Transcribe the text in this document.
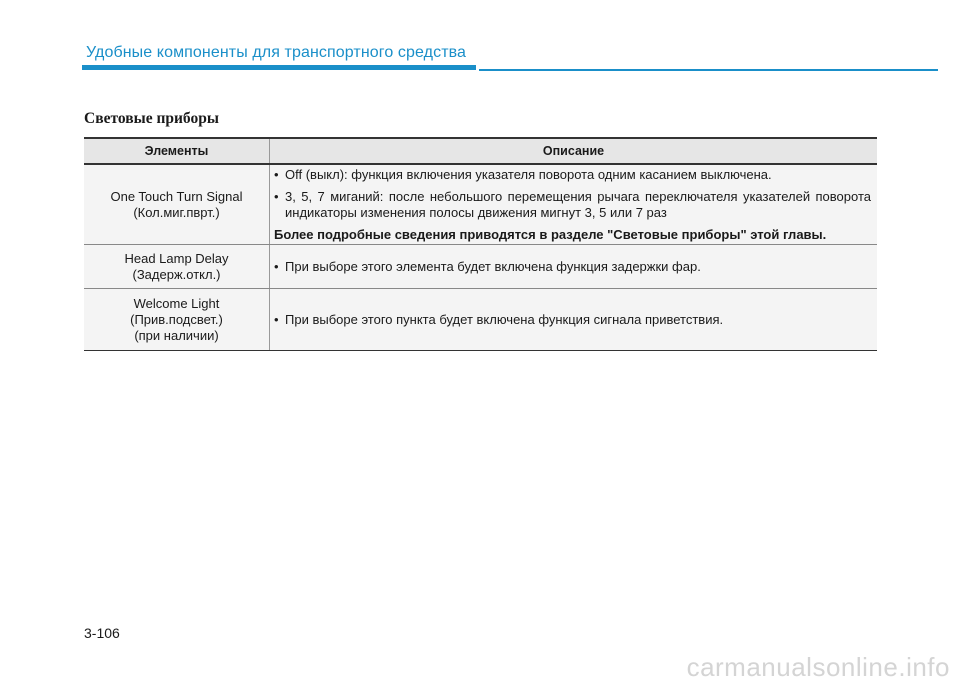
Удобные компоненты для транспортного средства
Световые приборы
Элементы	Описание
One Touch Turn Signal
(Кол.миг.пврт.)
• Off (выкл): функция включения указателя поворота одним касанием выключена.
• 3, 5, 7 миганий: после небольшого перемещения рычага переключателя указателей поворота индикаторы изменения полосы движения мигнут 3, 5 или 7 раз
Более подробные сведения приводятся в разделе "Световые приборы" этой главы.
Head Lamp Delay
(Задерж.откл.)
• При выборе этого элемента будет включена функция задержки фар.
Welcome Light
(Прив.подсвет.)
(при наличии)
• При выборе этого пункта будет включена функция сигнала приветствия.
3-106
carmanualsonline.info
